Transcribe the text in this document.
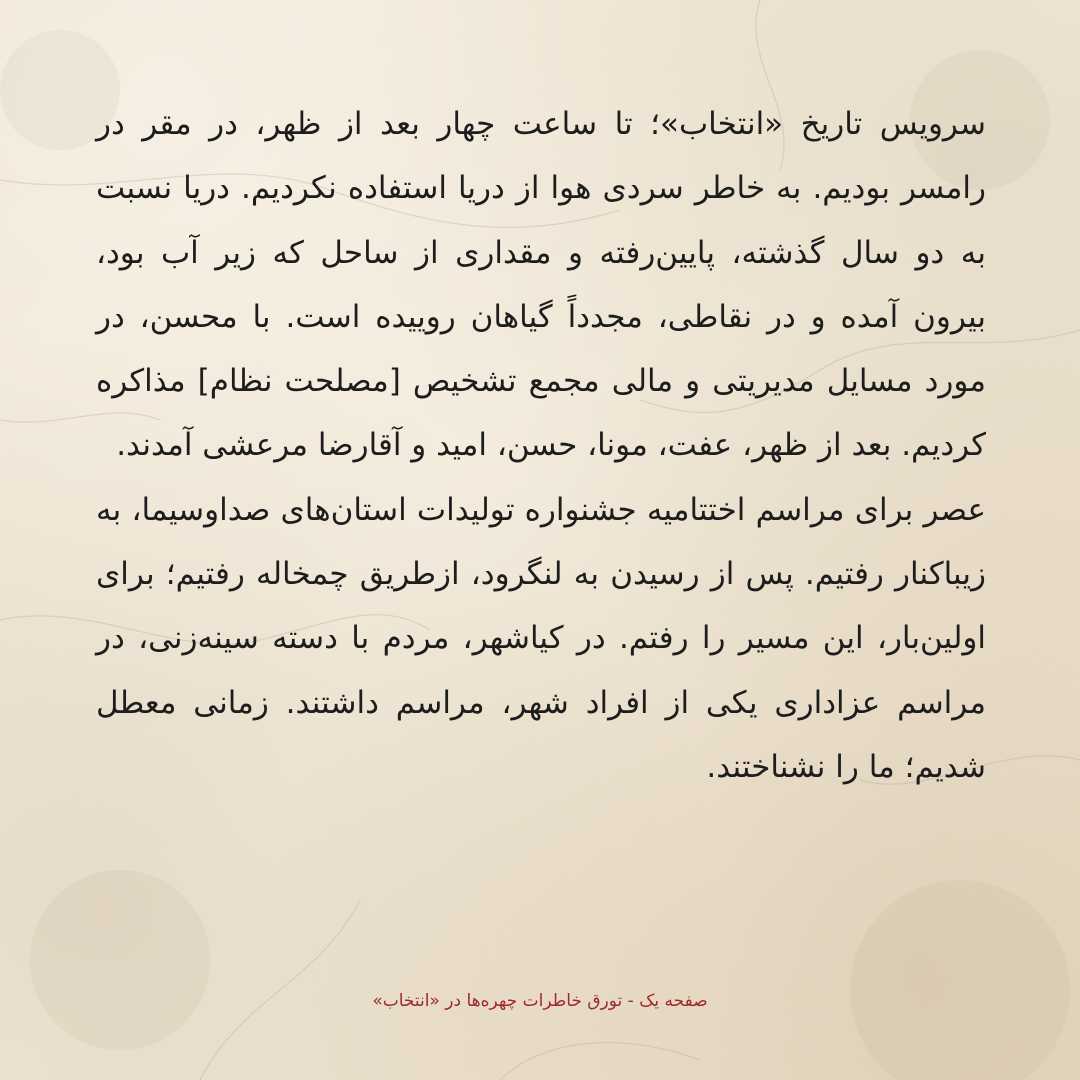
سرویس تاریخ «انتخاب»؛ تا ساعت چهار بعد از ظهر، در مقر در رامسر بودیم. به خاطر سردی هوا از دریا استفاده نکردیم. دریا نسبت به دو سال گذشته، پایین‌رفته و مقداری از ساحل که زیر آب بود، بیرون آمده و در نقاطی، مجدداً گیاهان روییده است. با محسن، در مورد مسایل مدیریتی و مالی مجمع تشخیص [مصلحت نظام] مذاکره کردیم. بعد از ظهر، عفت، مونا، حسن، امید و آقارضا مرعشی آمدند.

عصر برای مراسم اختتامیه جشنواره تولیدات استان‌های صداوسیما، به زیباکنار رفتیم. پس از رسیدن به لنگرود، ازطریق چمخاله رفتیم؛ برای اولین‌بار، این مسیر را رفتم. در کیاشهر، مردم با دسته سینه‌زنی، در مراسم عزاداری یکی از افراد شهر، مراسم داشتند. زمانی معطل شدیم؛ ما را نشناختند.

صفحه یک - تورق خاطرات چهره‌ها در «انتخاب»
